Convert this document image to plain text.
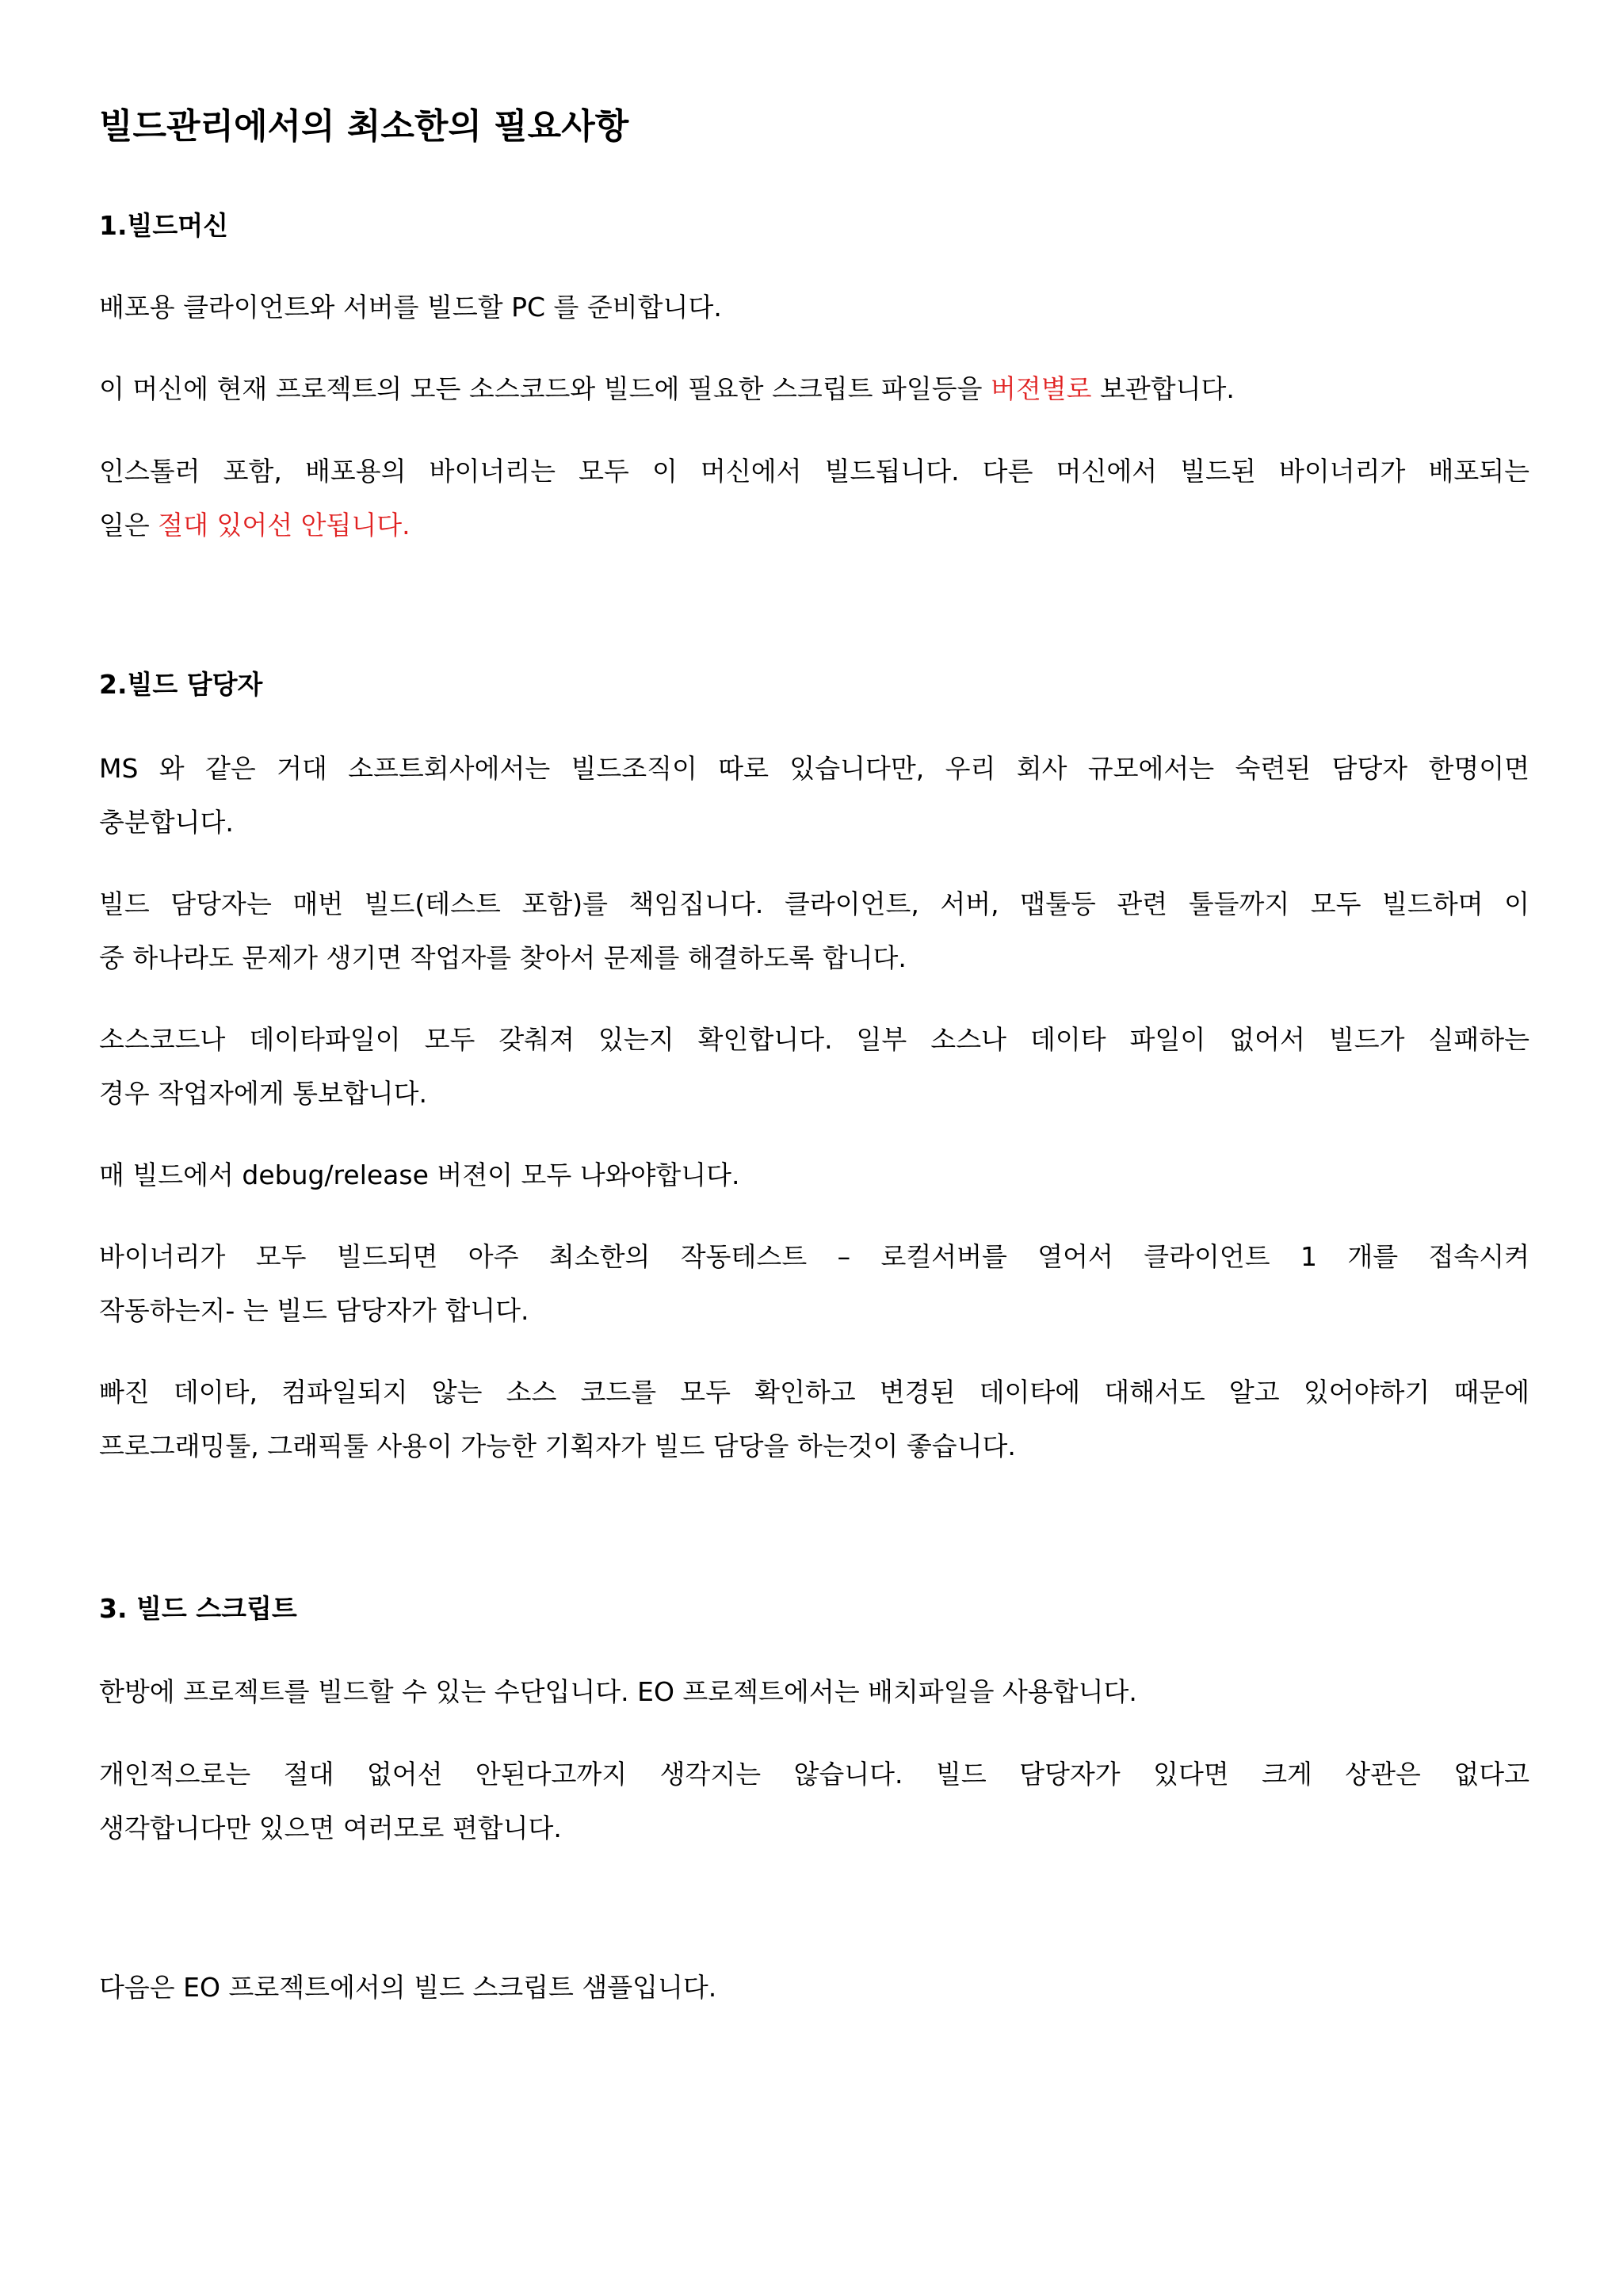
빌드관리에서의 최소한의 필요사항
1.빌드머신

배포용 클라이언트와 서버를 빌드할 PC 를 준비합니다.

이 머신에 현재 프로젝트의 모든 소스코드와 빌드에 필요한 스크립트 파일등을 버젼별로 보관합니다.

인스톨러 포함, 배포용의 바이너리는 모두 이 머신에서 빌드됩니다. 다른 머신에서 빌드된 바이너리가 배포되는
일은 절대 있어선 안됩니다.

2.빌드 담당자

MS 와 같은 거대 소프트회사에서는 빌드조직이 따로 있습니다만, 우리 회사 규모에서는 숙련된 담당자 한명이면
충분합니다.

빌드 담당자는 매번 빌드(테스트 포함)를 책임집니다. 클라이언트, 서버, 맵툴등 관련 툴들까지 모두 빌드하며 이
중 하나라도 문제가 생기면 작업자를 찾아서 문제를 해결하도록 합니다.

소스코드나 데이타파일이 모두 갖춰져 있는지 확인합니다. 일부 소스나 데이타 파일이 없어서 빌드가 실패하는
경우 작업자에게 통보합니다.

매 빌드에서 debug/release 버젼이 모두 나와야합니다.

바이너리가 모두 빌드되면 아주 최소한의 작동테스트 – 로컬서버를 열어서 클라이언트 1 개를 접속시켜
작동하는지- 는 빌드 담당자가 합니다.

빠진 데이타, 컴파일되지 않는 소스 코드를 모두 확인하고 변경된 데이타에 대해서도 알고 있어야하기 때문에
프로그래밍툴, 그래픽툴 사용이 가능한 기획자가 빌드 담당을 하는것이 좋습니다.

3. 빌드 스크립트

한방에 프로젝트를 빌드할 수 있는 수단입니다. EO 프로젝트에서는 배치파일을 사용합니다.

개인적으로는 절대 없어선 안된다고까지 생각지는 않습니다. 빌드 담당자가 있다면 크게 상관은 없다고
생각합니다만 있으면 여러모로 편합니다.

다음은 EO 프로젝트에서의 빌드 스크립트 샘플입니다.
